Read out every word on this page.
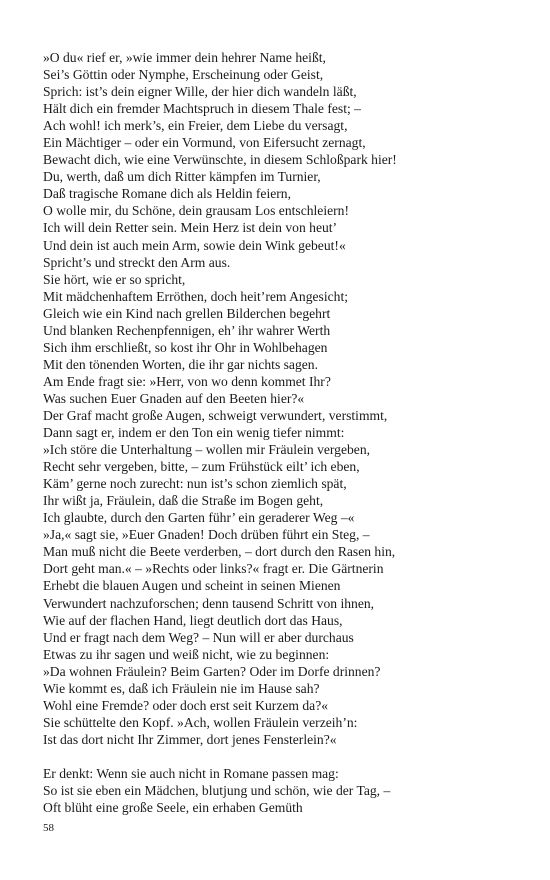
»O du« rief er, »wie immer dein hehrer Name heißt,
Sei’s Göttin oder Nymphe, Erscheinung oder Geist,
Sprich: ist’s dein eigner Wille, der hier dich wandeln läßt,
Hält dich ein fremder Machtspruch in diesem Thale fest; –
Ach wohl! ich merk’s, ein Freier, dem Liebe du versagt,
Ein Mächtiger – oder ein Vormund, von Eifersucht zernagt,
Bewacht dich, wie eine Verwünschte, in diesem Schloßpark hier!
Du, werth, daß um dich Ritter kämpfen im Turnier,
Daß tragische Romane dich als Heldin feiern,
O wolle mir, du Schöne, dein grausam Los entschleiern!
Ich will dein Retter sein. Mein Herz ist dein von heut’
Und dein ist auch mein Arm, sowie dein Wink gebeut!«
Spricht’s und streckt den Arm aus.
Sie hört, wie er so spricht,
Mit mädchenhaftem Erröthen, doch heit’rem Angesicht;
Gleich wie ein Kind nach grellen Bilderchen begehrt
Und blanken Rechenpfennigen, eh’ ihr wahrer Werth
Sich ihm erschließt, so kost ihr Ohr in Wohlbehagen
Mit den tönenden Worten, die ihr gar nichts sagen.
Am Ende fragt sie: »Herr, von wo denn kommet Ihr?
Was suchen Euer Gnaden auf den Beeten hier?«
Der Graf macht große Augen, schweigt verwundert, verstimmt,
Dann sagt er, indem er den Ton ein wenig tiefer nimmt:
»Ich störe die Unterhaltung – wollen mir Fräulein vergeben,
Recht sehr vergeben, bitte, – zum Frühstück eilt’ ich eben,
Käm’ gerne noch zurecht: nun ist’s schon ziemlich spät,
Ihr wißt ja, Fräulein, daß die Straße im Bogen geht,
Ich glaubte, durch den Garten führ’ ein geraderer Weg –«
»Ja,« sagt sie, »Euer Gnaden! Doch drüben führt ein Steg, –
Man muß nicht die Beete verderben, – dort durch den Rasen hin,
Dort geht man.« – »Rechts oder links?« fragt er. Die Gärtnerin
Erhebt die blauen Augen und scheint in seinen Mienen
Verwundert nachzuforschen; denn tausend Schritt von ihnen,
Wie auf der flachen Hand, liegt deutlich dort das Haus,
Und er fragt nach dem Weg? – Nun will er aber durchaus
Etwas zu ihr sagen und weiß nicht, wie zu beginnen:
»Da wohnen Fräulein? Beim Garten? Oder im Dorfe drinnen?
Wie kommt es, daß ich Fräulein nie im Hause sah?
Wohl eine Fremde? oder doch erst seit Kurzem da?«
Sie schüttelte den Kopf. »Ach, wollen Fräulein verzeih’n:
Ist das dort nicht Ihr Zimmer, dort jenes Fensterlein?«
Er denkt: Wenn sie auch nicht in Romane passen mag:
So ist sie eben ein Mädchen, blutjung und schön, wie der Tag, –
Oft blüht eine große Seele, ein erhaben Gemüth
58
